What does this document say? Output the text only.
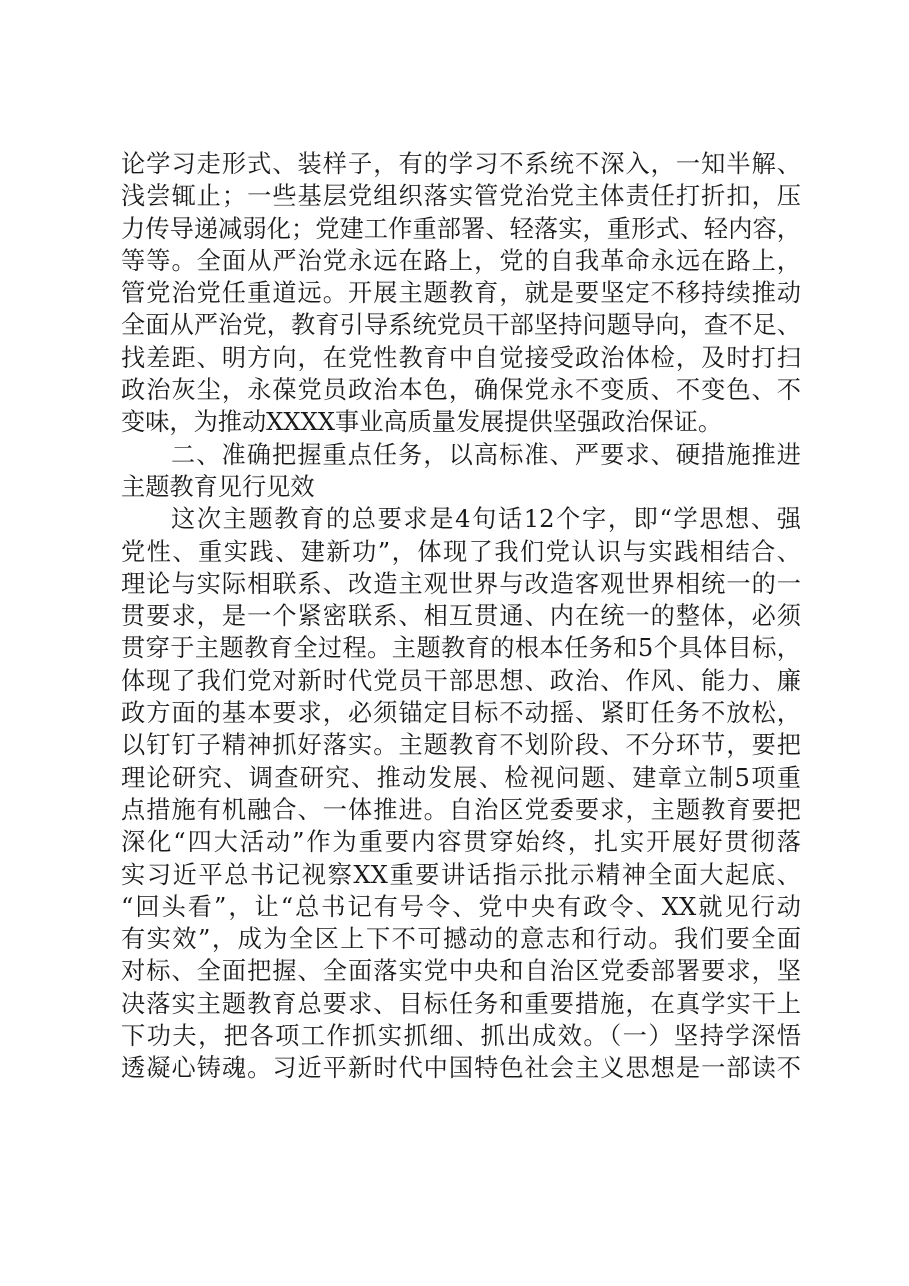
论学习走形式、装样子，有的学习不系统不深入，一知半解、
浅尝辄止；一些基层党组织落实管党治党主体责任打折扣，压
力传导递减弱化；党建工作重部署、轻落实，重形式、轻内容，
等等。全面从严治党永远在路上，党的自我革命永远在路上，
管党治党任重道远。开展主题教育，就是要坚定不移持续推动
全面从严治党，教育引导系统党员干部坚持问题导向，查不足、
找差距、明方向，在党性教育中自觉接受政治体检，及时打扫
政治灰尘，永葆党员政治本色，确保党永不变质、不变色、不
变味，为推动XXXX事业高质量发展提供坚强政治保证。
二、准确把握重点任务，以高标准、严要求、硬措施推进
主题教育见行见效
这次主题教育的总要求是4句话12个字，即“学思想、强
党性、重实践、建新功”，体现了我们党认识与实践相结合、
理论与实际相联系、改造主观世界与改造客观世界相统一的一
贯要求，是一个紧密联系、相互贯通、内在统一的整体，必须
贯穿于主题教育全过程。主题教育的根本任务和5个具体目标，
体现了我们党对新时代党员干部思想、政治、作风、能力、廉
政方面的基本要求，必须锚定目标不动摇、紧盯任务不放松，
以钉钉子精神抓好落实。主题教育不划阶段、不分环节，要把
理论研究、调查研究、推动发展、检视问题、建章立制5项重
点措施有机融合、一体推进。自治区党委要求，主题教育要把
深化“四大活动”作为重要内容贯穿始终，扎实开展好贯彻落
实习近平总书记视察XX重要讲话指示批示精神全面大起底、
“回头看”，让“总书记有号令、党中央有政令、XX就见行动
有实效”，成为全区上下不可撼动的意志和行动。我们要全面
对标、全面把握、全面落实党中央和自治区党委部署要求，坚
决落实主题教育总要求、目标任务和重要措施，在真学实干上
下功夫，把各项工作抓实抓细、抓出成效。（一）坚持学深悟
透凝心铸魂。习近平新时代中国特色社会主义思想是一部读不
